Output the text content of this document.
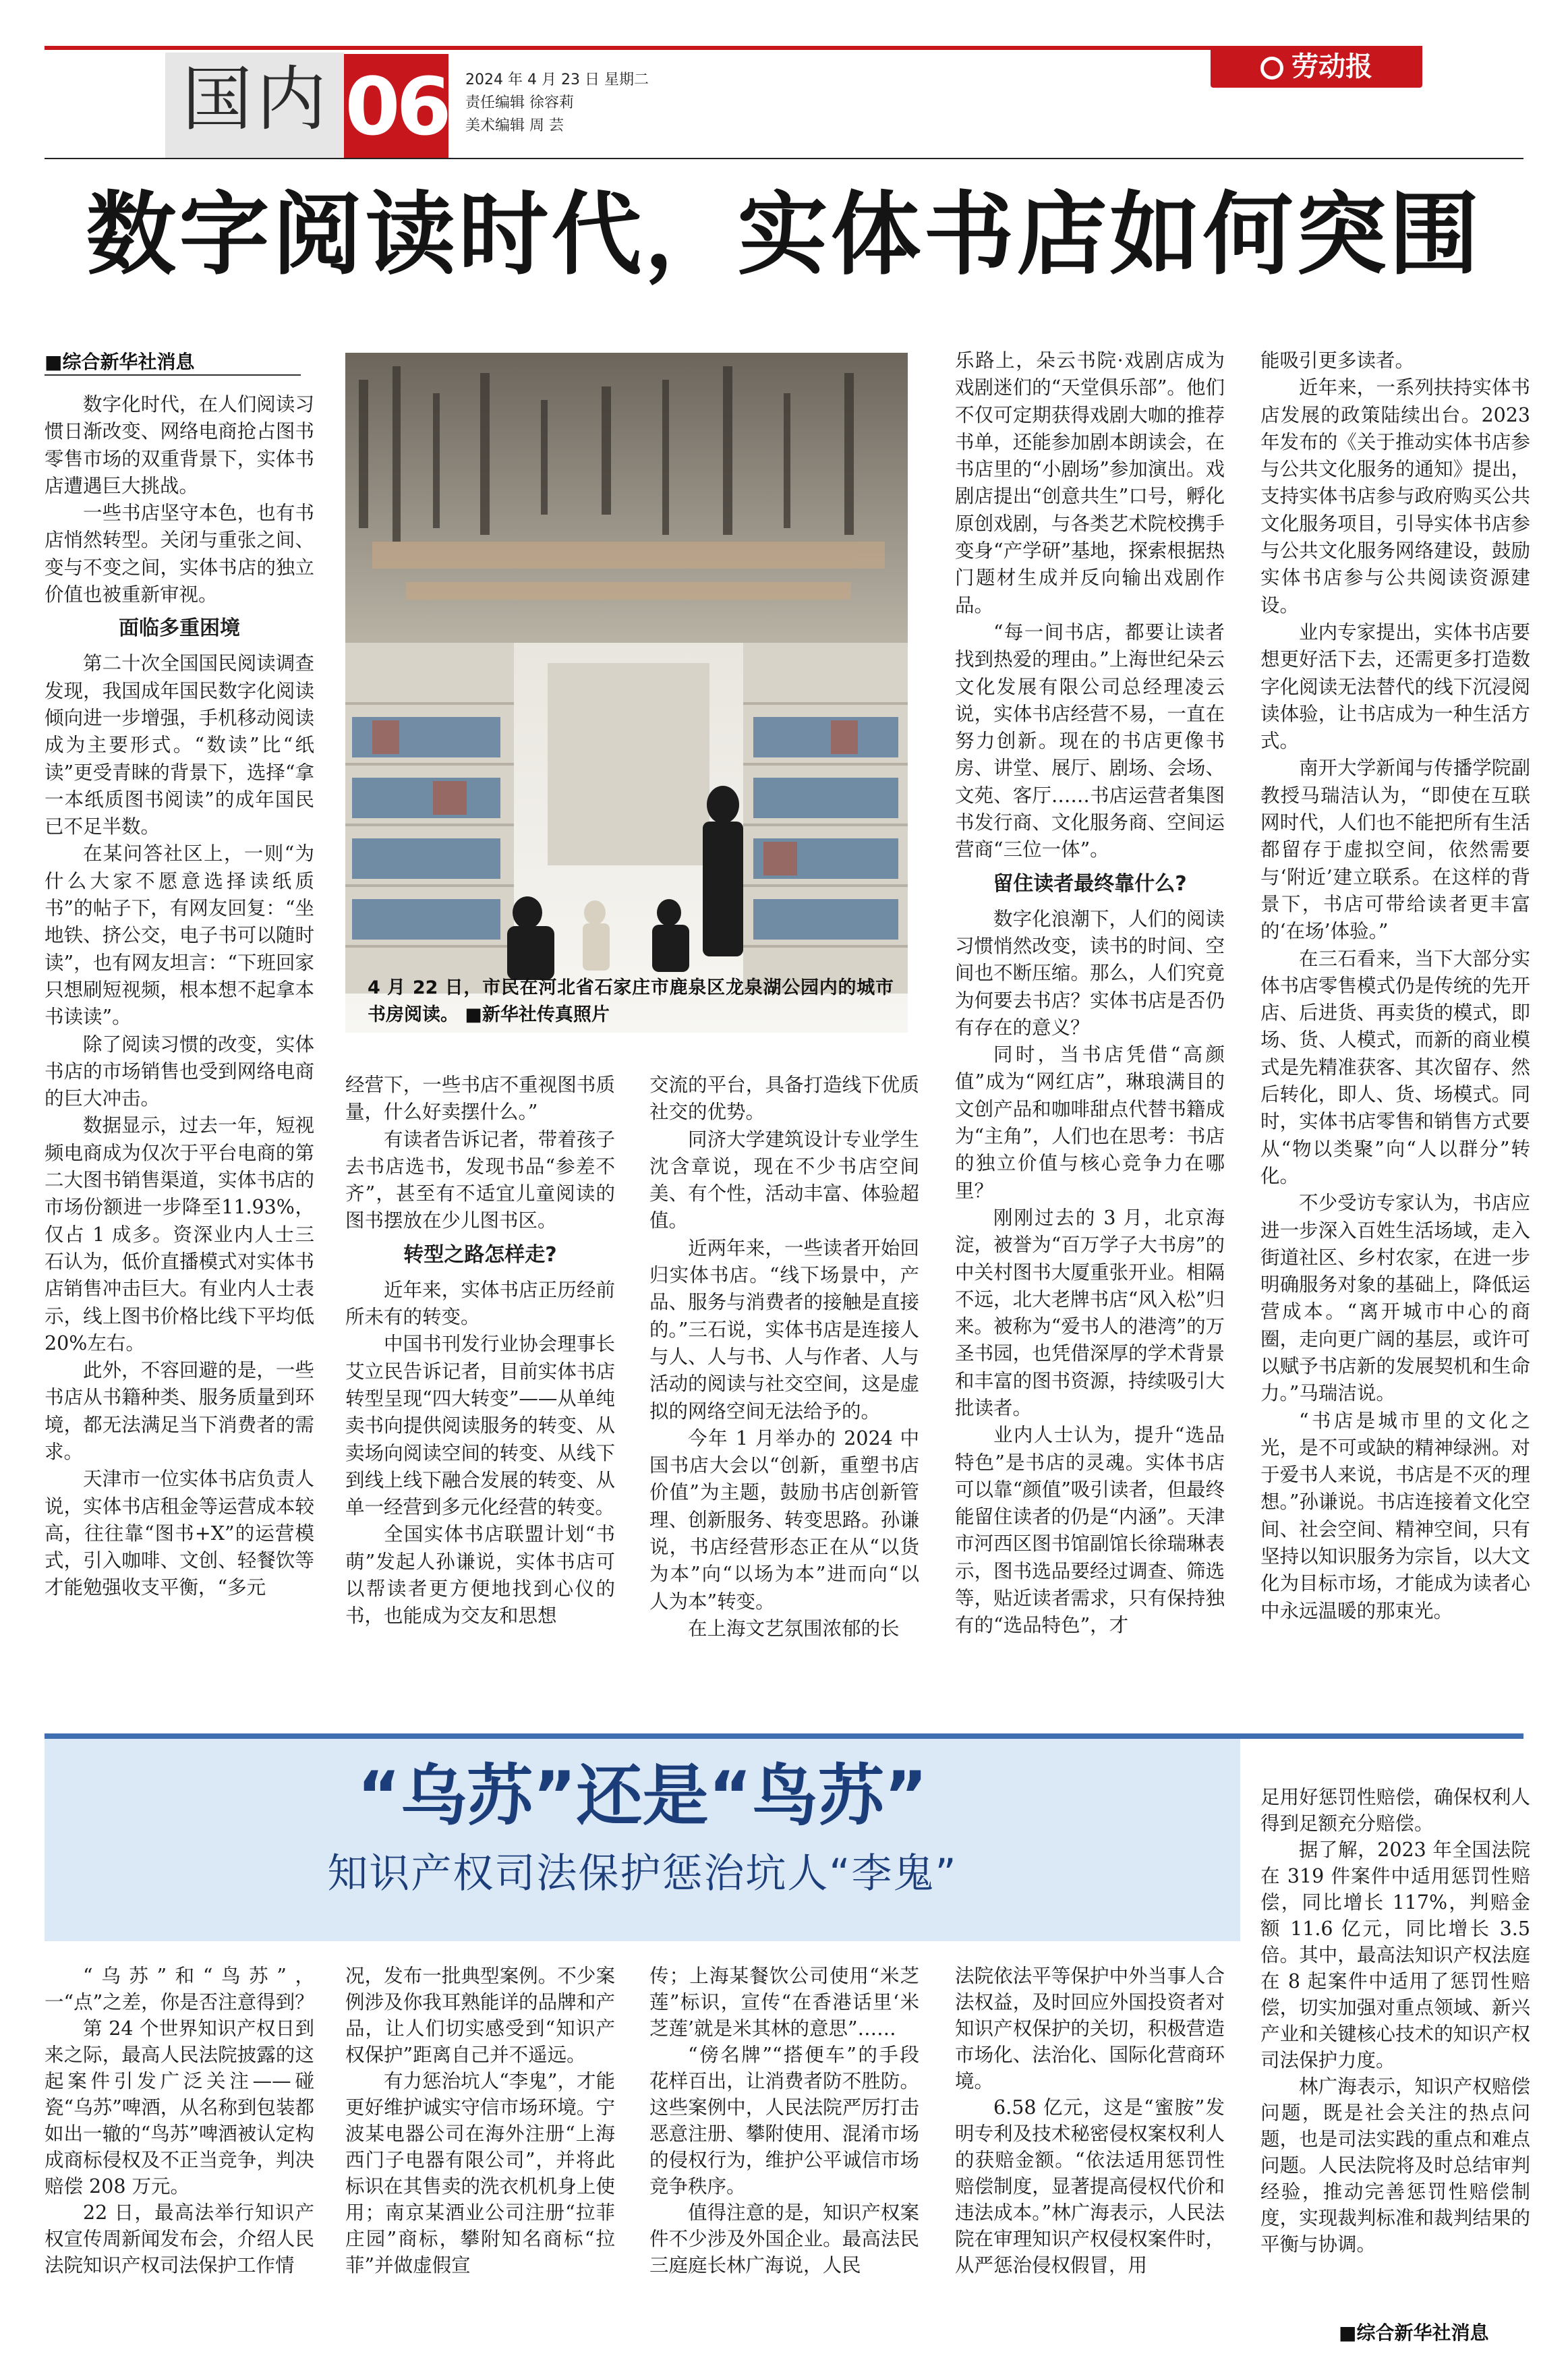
国内 06 2024 年 4 月 23 日 星期二
责任编辑 徐容莉
美术编辑 周 芸
劳动报
数字阅读时代，实体书店如何突围
■综合新华社消息

数字化时代，在人们阅读习惯日渐改变、网络电商抢占图书零售市场的双重背景下，实体书店遭遇巨大挑战。

一些书店坚守本色，也有书店悄然转型。关闭与重张之间、变与不变之间，实体书店的独立价值也被重新审视。

面临多重困境

第二十次全国国民阅读调查发现，我国成年国民数字化阅读倾向进一步增强，手机移动阅读成为主要形式。“数读”比“纸读”更受青睐的背景下，选择“拿一本纸质图书阅读”的成年国民已不足半数。

在某问答社区上，一则“为什么大家不愿意选择读纸质书”的帖子下，有网友回复：“坐地铁、挤公交，电子书可以随时读”，也有网友坦言：“下班回家只想刷短视频，根本想不起拿本书读读”。

除了阅读习惯的改变，实体书店的市场销售也受到网络电商的巨大冲击。

数据显示，过去一年，短视频电商成为仅次于平台电商的第二大图书销售渠道，实体书店的市场份额进一步降至11.93%，仅占 1 成多。资深业内人士三石认为，低价直播模式对实体书店销售冲击巨大。有业内人士表示，线上图书价格比线下平均低 20%左右。

此外，不容回避的是，一些书店从书籍种类、服务质量到环境，都无法满足当下消费者的需求。

天津市一位实体书店负责人说，实体书店租金等运营成本较高，往往靠“图书+X”的运营模式，引入咖啡、文创、轻餐饮等才能勉强收支平衡，“多元

4 月 22 日，市民在河北省石家庄市鹿泉区龙泉湖公园内的城市书房阅读。 ■新华社传真照片

经营下，一些书店不重视图书质量，什么好卖摆什么。”

有读者告诉记者，带着孩子去书店选书，发现书品“参差不齐”，甚至有不适宜儿童阅读的图书摆放在少儿图书区。

转型之路怎样走?

近年来，实体书店正历经前所未有的转变。

中国书刊发行业协会理事长艾立民告诉记者，目前实体书店转型呈现“四大转变”——从单纯卖书向提供阅读服务的转变、从卖场向阅读空间的转变、从线下到线上线下融合发展的转变、从单一经营到多元化经营的转变。

全国实体书店联盟计划“书萌”发起人孙谦说，实体书店可以帮读者更方便地找到心仪的书，也能成为交友和思想

交流的平台，具备打造线下优质社交的优势。

同济大学建筑设计专业学生沈含章说，现在不少书店空间美、有个性，活动丰富、体验超值。

近两年来，一些读者开始回归实体书店。“线下场景中，产品、服务与消费者的接触是直接的。”三石说，实体书店是连接人与人、人与书、人与作者、人与活动的阅读与社交空间，这是虚拟的网络空间无法给予的。

今年 1 月举办的 2024 中国书店大会以“创新，重塑书店价值”为主题，鼓励书店创新管理、创新服务、转变思路。孙谦说，书店经营形态正在从“以货为本”向“以场为本”进而向“以人为本”转变。

在上海文艺氛围浓郁的长

乐路上，朵云书院·戏剧店成为戏剧迷们的“天堂俱乐部”。他们不仅可定期获得戏剧大咖的推荐书单，还能参加剧本朗读会，在书店里的“小剧场”参加演出。戏剧店提出“创意共生”口号，孵化原创戏剧，与各类艺术院校携手变身“产学研”基地，探索根据热门题材生成并反向输出戏剧作品。

“每一间书店，都要让读者找到热爱的理由。”上海世纪朵云文化发展有限公司总经理凌云说，实体书店经营不易，一直在努力创新。现在的书店更像书房、讲堂、展厅、剧场、会场、文苑、客厅……书店运营者集图书发行商、文化服务商、空间运营商“三位一体”。

留住读者最终靠什么?

数字化浪潮下，人们的阅读习惯悄然改变，读书的时间、空间也不断压缩。那么，人们究竟为何要去书店？实体书店是否仍有存在的意义？

同时，当书店凭借“高颜值”成为“网红店”，琳琅满目的文创产品和咖啡甜点代替书籍成为“主角”，人们也在思考：书店的独立价值与核心竞争力在哪里？

刚刚过去的 3 月，北京海淀，被誉为“百万学子大书房”的中关村图书大厦重张开业。相隔不远，北大老牌书店“风入松”归来。被称为“爱书人的港湾”的万圣书园，也凭借深厚的学术背景和丰富的图书资源，持续吸引大批读者。

业内人士认为，提升“选品特色”是书店的灵魂。实体书店可以靠“颜值”吸引读者，但最终能留住读者的仍是“内涵”。天津市河西区图书馆副馆长徐瑞琳表示，图书选品要经过调查、筛选等，贴近读者需求，只有保持独有的“选品特色”，才

能吸引更多读者。

近年来，一系列扶持实体书店发展的政策陆续出台。2023 年发布的《关于推动实体书店参与公共文化服务的通知》提出，支持实体书店参与政府购买公共文化服务项目，引导实体书店参与公共文化服务网络建设，鼓励实体书店参与公共阅读资源建设。

业内专家提出，实体书店要想更好活下去，还需更多打造数字化阅读无法替代的线下沉浸阅读体验，让书店成为一种生活方式。

南开大学新闻与传播学院副教授马瑞洁认为，“即使在互联网时代，人们也不能把所有生活都留存于虚拟空间，依然需要与‘附近’建立联系。在这样的背景下，书店可带给读者更丰富的‘在场’体验。”

在三石看来，当下大部分实体书店零售模式仍是传统的先开店、后进货、再卖货的模式，即场、货、人模式，而新的商业模式是先精准获客、其次留存、然后转化，即人、货、场模式。同时，实体书店零售和销售方式要从“物以类聚”向“人以群分”转化。

不少受访专家认为，书店应进一步深入百姓生活场域，走入街道社区、乡村农家，在进一步明确服务对象的基础上，降低运营成本。“离开城市中心的商圈，走向更广阔的基层，或许可以赋予书店新的发展契机和生命力。”马瑞洁说。

“书店是城市里的文化之光，是不可或缺的精神绿洲。对于爱书人来说，书店是不灭的理想。”孙谦说。书店连接着文化空间、社会空间、精神空间，只有坚持以知识服务为宗旨，以大文化为目标市场，才能成为读者心中永远温暖的那束光。

“乌苏”还是“鸟苏”
知识产权司法保护惩治坑人“李鬼”

“乌苏”和“鸟苏”，一“点”之差，你是否注意得到？

第 24 个世界知识产权日到来之际，最高人民法院披露的这起案件引发广泛关注——碰瓷“乌苏”啤酒，从名称到包装都如出一辙的“鸟苏”啤酒被认定构成商标侵权及不正当竞争，判决赔偿 208 万元。

22 日，最高法举行知识产权宣传周新闻发布会，介绍人民法院知识产权司法保护工作情

况，发布一批典型案例。不少案例涉及你我耳熟能详的品牌和产品，让人们切实感受到“知识产权保护”距离自己并不遥远。

有力惩治坑人“李鬼”，才能更好维护诚实守信市场环境。宁波某电器公司在海外注册“上海西门子电器有限公司”，并将此标识在其售卖的洗衣机机身上使用；南京某酒业公司注册“拉菲庄园”商标，攀附知名商标“拉菲”并做虚假宣

传；上海某餐饮公司使用“米芝莲”标识，宣传“在香港话里‘米芝莲’就是米其林的意思”……

“傍名牌”“搭便车”的手段花样百出，让消费者防不胜防。这些案例中，人民法院严厉打击恶意注册、攀附使用、混淆市场的侵权行为，维护公平诚信市场竞争秩序。

值得注意的是，知识产权案件不少涉及外国企业。最高法民三庭庭长林广海说，人民

法院依法平等保护中外当事人合法权益，及时回应外国投资者对知识产权保护的关切，积极营造市场化、法治化、国际化营商环境。

6.58 亿元，这是“蜜胺”发明专利及技术秘密侵权案权利人的获赔金额。“依法适用惩罚性赔偿制度，显著提高侵权代价和违法成本。”林广海表示，人民法院在审理知识产权侵权案件时，从严惩治侵权假冒，用

足用好惩罚性赔偿，确保权利人得到足额充分赔偿。

据了解，2023 年全国法院在 319 件案件中适用惩罚性赔偿，同比增长 117%，判赔金额 11.6 亿元，同比增长 3.5 倍。其中，最高法知识产权法庭在 8 起案件中适用了惩罚性赔偿，切实加强对重点领域、新兴产业和关键核心技术的知识产权司法保护力度。

林广海表示，知识产权赔偿问题，既是社会关注的热点问题，也是司法实践的重点和难点问题。人民法院将及时总结审判经验，推动完善惩罚性赔偿制度，实现裁判标准和裁判结果的平衡与协调。

■综合新华社消息
